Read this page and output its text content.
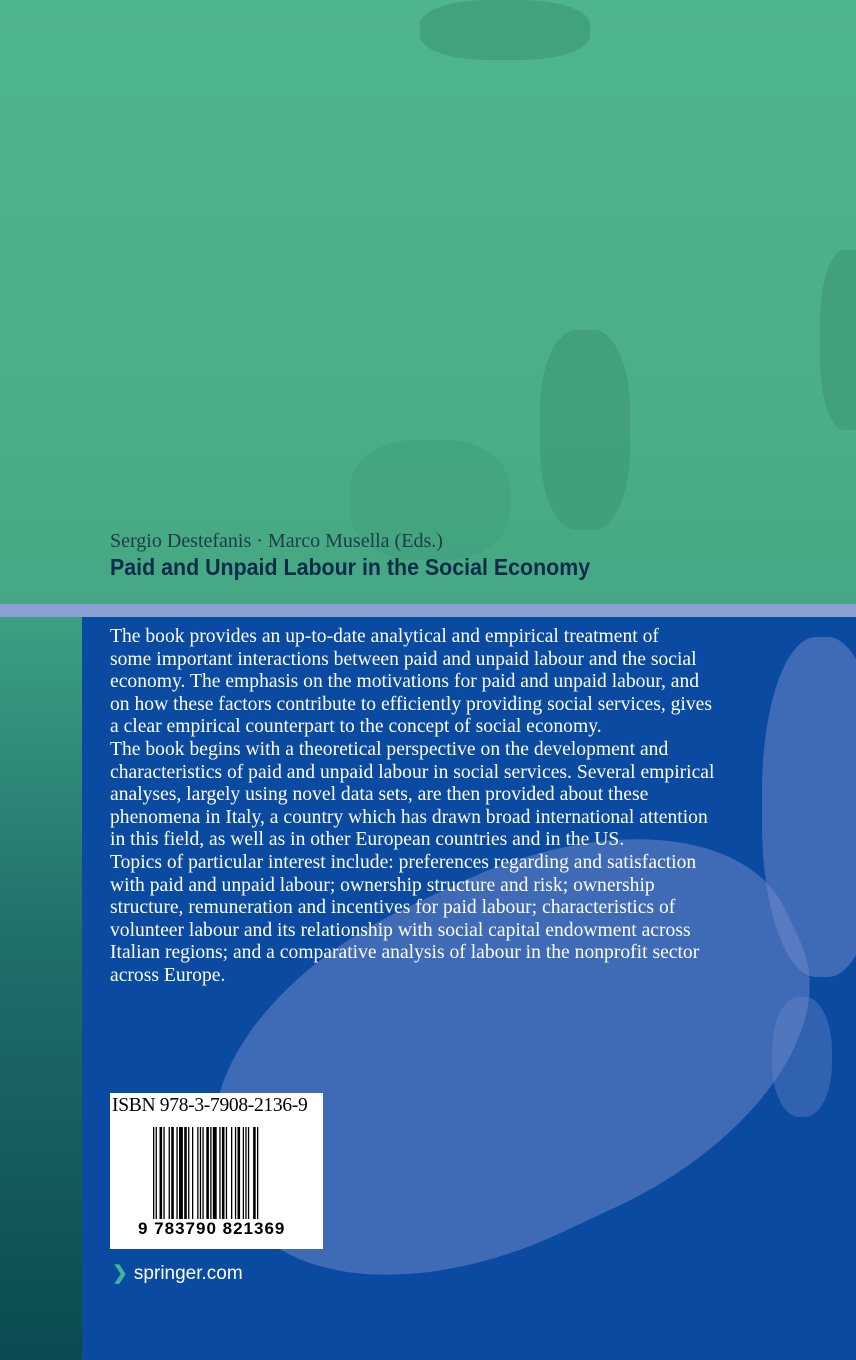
Sergio Destefanis · Marco Musella (Eds.)
Paid and Unpaid Labour in the Social Economy
The book provides an up-to-date analytical and empirical treatment of
some important interactions between paid and unpaid labour and the social
economy. The emphasis on the motivations for paid and unpaid labour, and
on how these factors contribute to efficiently providing social services, gives
a clear empirical counterpart to the concept of social economy.
The book begins with a theoretical perspective on the development and
characteristics of paid and unpaid labour in social services. Several empirical
analyses, largely using novel data sets, are then provided about these
phenomena in Italy, a country which has drawn broad international attention
in this field, as well as in other European countries and in the US.
Topics of particular interest include: preferences regarding and satisfaction
with paid and unpaid labour; ownership structure and risk; ownership
structure, remuneration and incentives for paid labour; characteristics of
volunteer labour and its relationship with social capital endowment across
Italian regions; and a comparative analysis of labour in the nonprofit sector
across Europe.
ISBN 978-3-7908-2136-9
9 783790 821369
❯ springer.com
